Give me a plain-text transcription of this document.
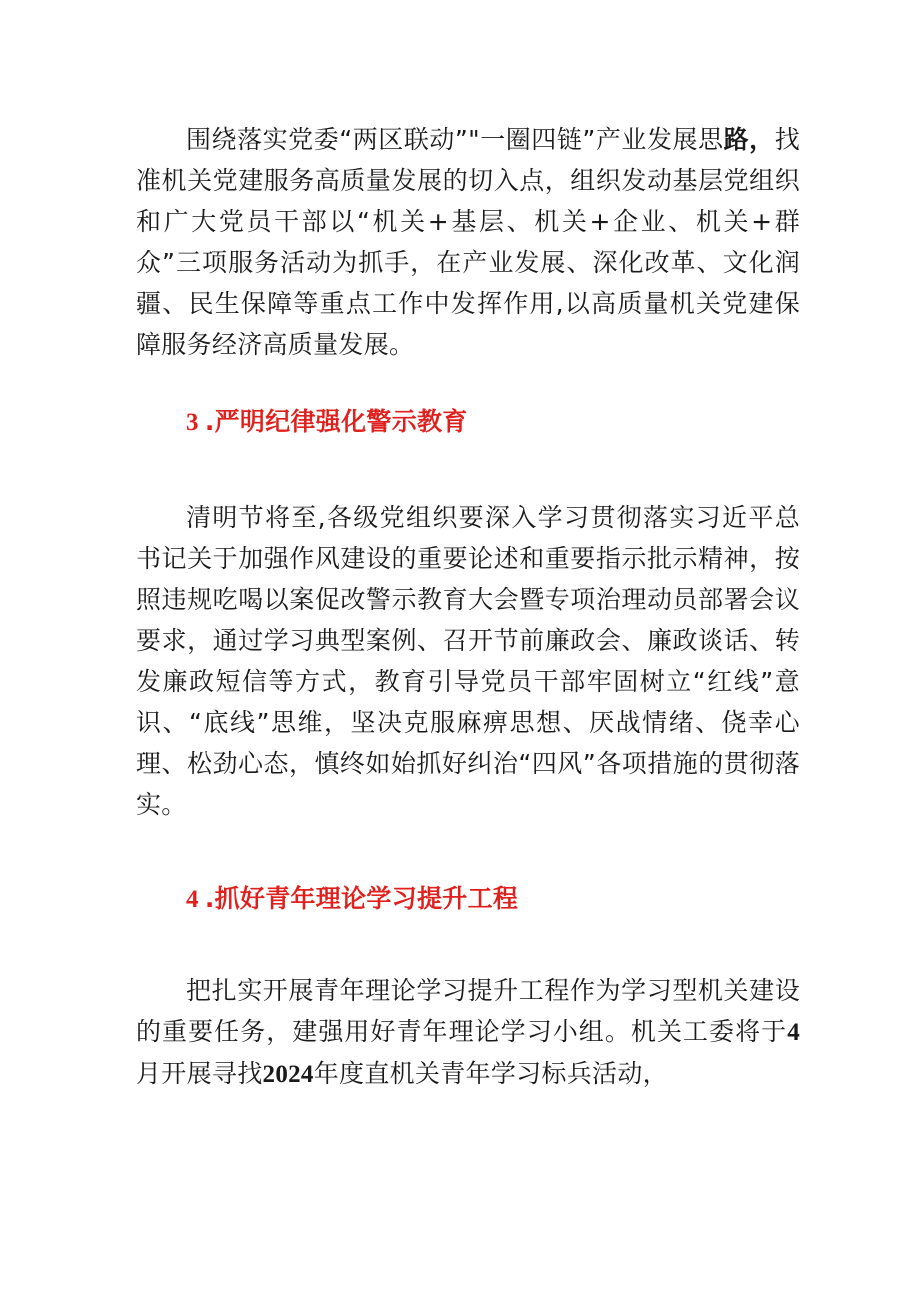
围绕落实党委“两区联动”"一圈四链”产业发展思路，找准机关党建服务高质量发展的切入点，组织发动基层党组织和广大党员干部以“机关+基层、机关+企业、机关+群众”三项服务活动为抓手，在产业发展、深化改革、文化润疆、民生保障等重点工作中发挥作用,以高质量机关党建保障服务经济高质量发展。

3 .严明纪律强化警示教育

清明节将至,各级党组织要深入学习贯彻落实习近平总书记关于加强作风建设的重要论述和重要指示批示精神，按照违规吃喝以案促改警示教育大会暨专项治理动员部署会议要求，通过学习典型案例、召开节前廉政会、廉政谈话、转发廉政短信等方式，教育引导党员干部牢固树立“红线”意识、“底线”思维，坚决克服麻痹思想、厌战情绪、侥幸心理、松劲心态，慎终如始抓好纠治“四风”各项措施的贯彻落实。

4 .抓好青年理论学习提升工程

把扎实开展青年理论学习提升工程作为学习型机关建设的重要任务，建强用好青年理论学习小组。机关工委将于4月开展寻找2024年度直机关青年学习标兵活动，
